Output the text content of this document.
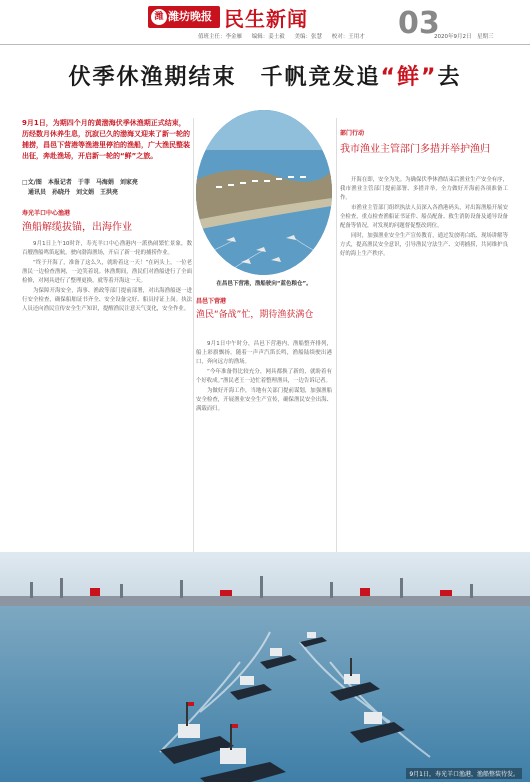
潍 潍坊晚报 民生新闻	03
值班主任：李金雁 编辑：姜士毅 美编：张慧 校对：王用才	2020年9月2日　星期三
伏季休渔期结束　千帆竞发追“鲜”去
9月1日，为期四个月的黄渤海伏季休渔期正式结束，历经数月休养生息，沉寂已久的渤海又迎来了新一轮的捕捞，昌邑下营港等渔港里停泊的渔船，广大渔民整装出征，奔赴渔场，开启新一轮的“鲜”之旅。
□文/图　本报记者　于菲　马海娟　刘家亮
　通讯员　孙晓丹　刘文娟　王洪亮
寿光羊口中心渔港
渔船解缆拔锚，出海作业

9月1日上午10时许，寿光羊口中心渔港内一派热闹繁忙景象，数百艘渔船鸣笛起航，驶向渤海渔场，开启了新一轮的捕捞作业。

“终于开海了，准备了这么久，就盼着这一天！”在码头上，一位老渔民一边检查渔网，一边笑着说。休渔期间，渔民们对渔船进行了全面检修，对网具进行了整理更换，就等着开海这一天。

为保障开海安全，海事、渔政等部门提前部署，对出海渔船逐一进行安全检查，确保船舶证书齐全、安全设备完好、船员持证上岗。执法人员还向渔民宣传安全生产知识，提醒渔民注意天气变化，安全作业。

在昌邑下营港，渔船驶向“蓝色粮仓”。
昌邑下营港
渔民“备战”忙，期待渔获满仓

9月1日中午时分，昌邑下营港内，渔船整齐排列，船上彩旗飘扬。随着一声声汽笛长鸣，渔船陆续驶出港口，奔向远方的渔场。

“今年准备得比较充分，网具都换了新的，就盼着有个好收成。”渔民老王一边忙着整理渔具，一边告诉记者。

为做好开海工作，当地有关部门提前谋划，加强渔船安全检查，开展渔业安全生产宣传，确保渔民安全出海、满载而归。

部门行动
我市渔业主管部门多措并举护渔归

开海在即，安全为先。为确保伏季休渔结束后渔业生产安全有序，我市渔业主管部门提前部署、多措并举，全力做好开海前各项准备工作。

市渔业主管部门组织执法人员深入各渔港码头，对出海渔船开展安全检查，重点检查渔船证书证件、船员配备、救生消防设备及通导设备配备等情况，对发现的问题督促整改到位。

同时，加强渔业安全生产宣传教育，通过发放明白纸、现场讲解等方式，提高渔民安全意识，引导渔民守法生产、文明捕捞，共同维护良好的海上生产秩序。

9月1日，寿光羊口渔港，渔船整装待发。
